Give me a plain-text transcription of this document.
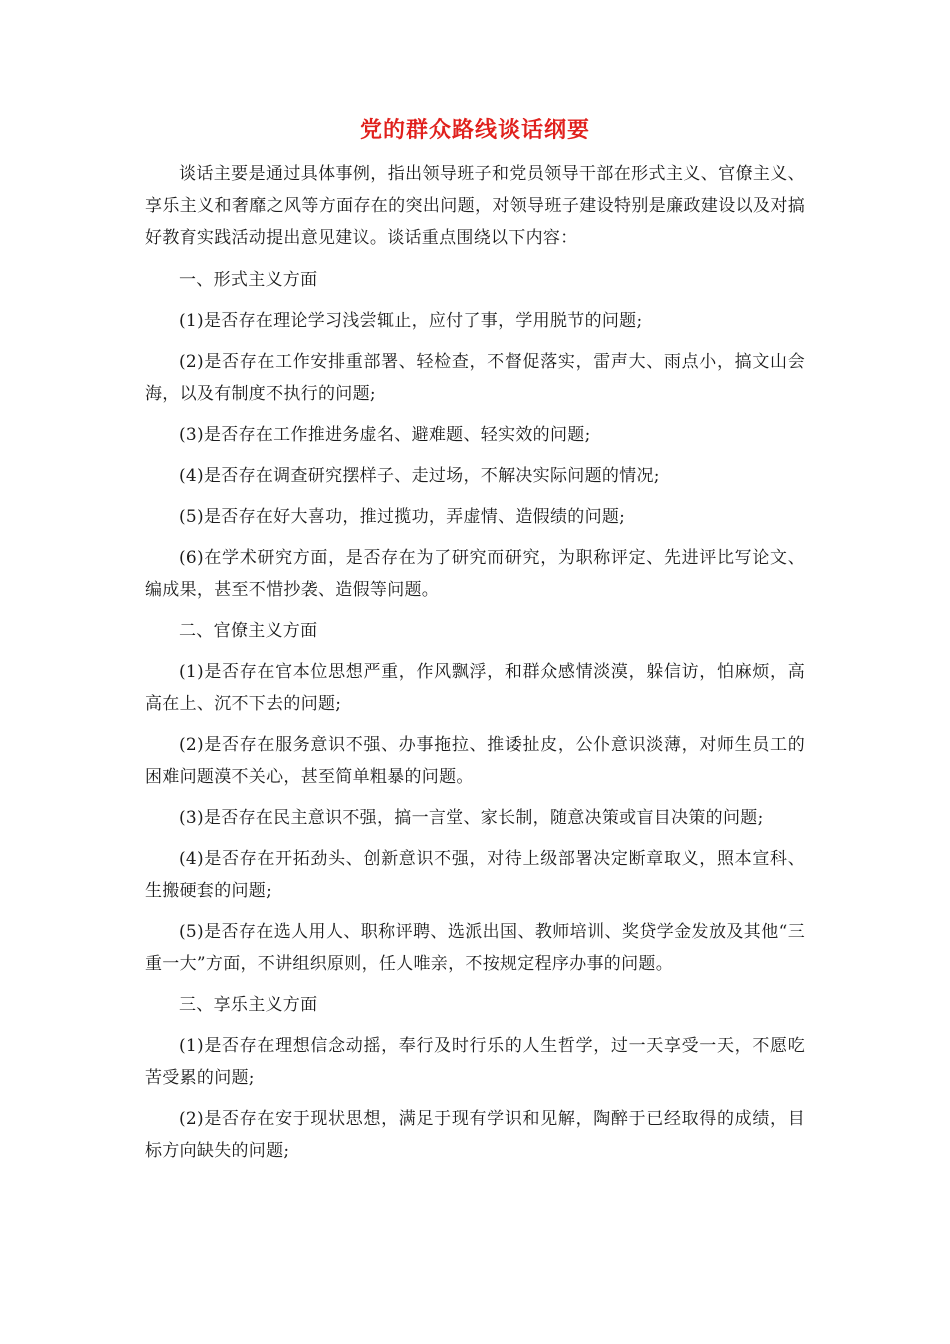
党的群众路线谈话纲要

谈话主要是通过具体事例，指出领导班子和党员领导干部在形式主义、官僚主义、享乐主义和奢靡之风等方面存在的突出问题，对领导班子建设特别是廉政建设以及对搞好教育实践活动提出意见建议。谈话重点围绕以下内容：

一、形式主义方面

(1)是否存在理论学习浅尝辄止，应付了事，学用脱节的问题;

(2)是否存在工作安排重部署、轻检查，不督促落实，雷声大、雨点小，搞文山会海，以及有制度不执行的问题;

(3)是否存在工作推进务虚名、避难题、轻实效的问题;

(4)是否存在调查研究摆样子、走过场，不解决实际问题的情况;

(5)是否存在好大喜功，推过揽功，弄虚情、造假绩的问题;

(6)在学术研究方面，是否存在为了研究而研究，为职称评定、先进评比写论文、编成果，甚至不惜抄袭、造假等问题。

二、官僚主义方面

(1)是否存在官本位思想严重，作风飘浮，和群众感情淡漠，躲信访，怕麻烦，高高在上、沉不下去的问题;

(2)是否存在服务意识不强、办事拖拉、推诿扯皮，公仆意识淡薄，对师生员工的困难问题漠不关心，甚至简单粗暴的问题。

(3)是否存在民主意识不强，搞一言堂、家长制，随意决策或盲目决策的问题;

(4)是否存在开拓劲头、创新意识不强，对待上级部署决定断章取义，照本宣科、生搬硬套的问题;

(5)是否存在选人用人、职称评聘、选派出国、教师培训、奖贷学金发放及其他“三重一大”方面，不讲组织原则，任人唯亲，不按规定程序办事的问题。

三、享乐主义方面

(1)是否存在理想信念动摇，奉行及时行乐的人生哲学，过一天享受一天，不愿吃苦受累的问题;

(2)是否存在安于现状思想，满足于现有学识和见解，陶醉于已经取得的成绩，目标方向缺失的问题;
